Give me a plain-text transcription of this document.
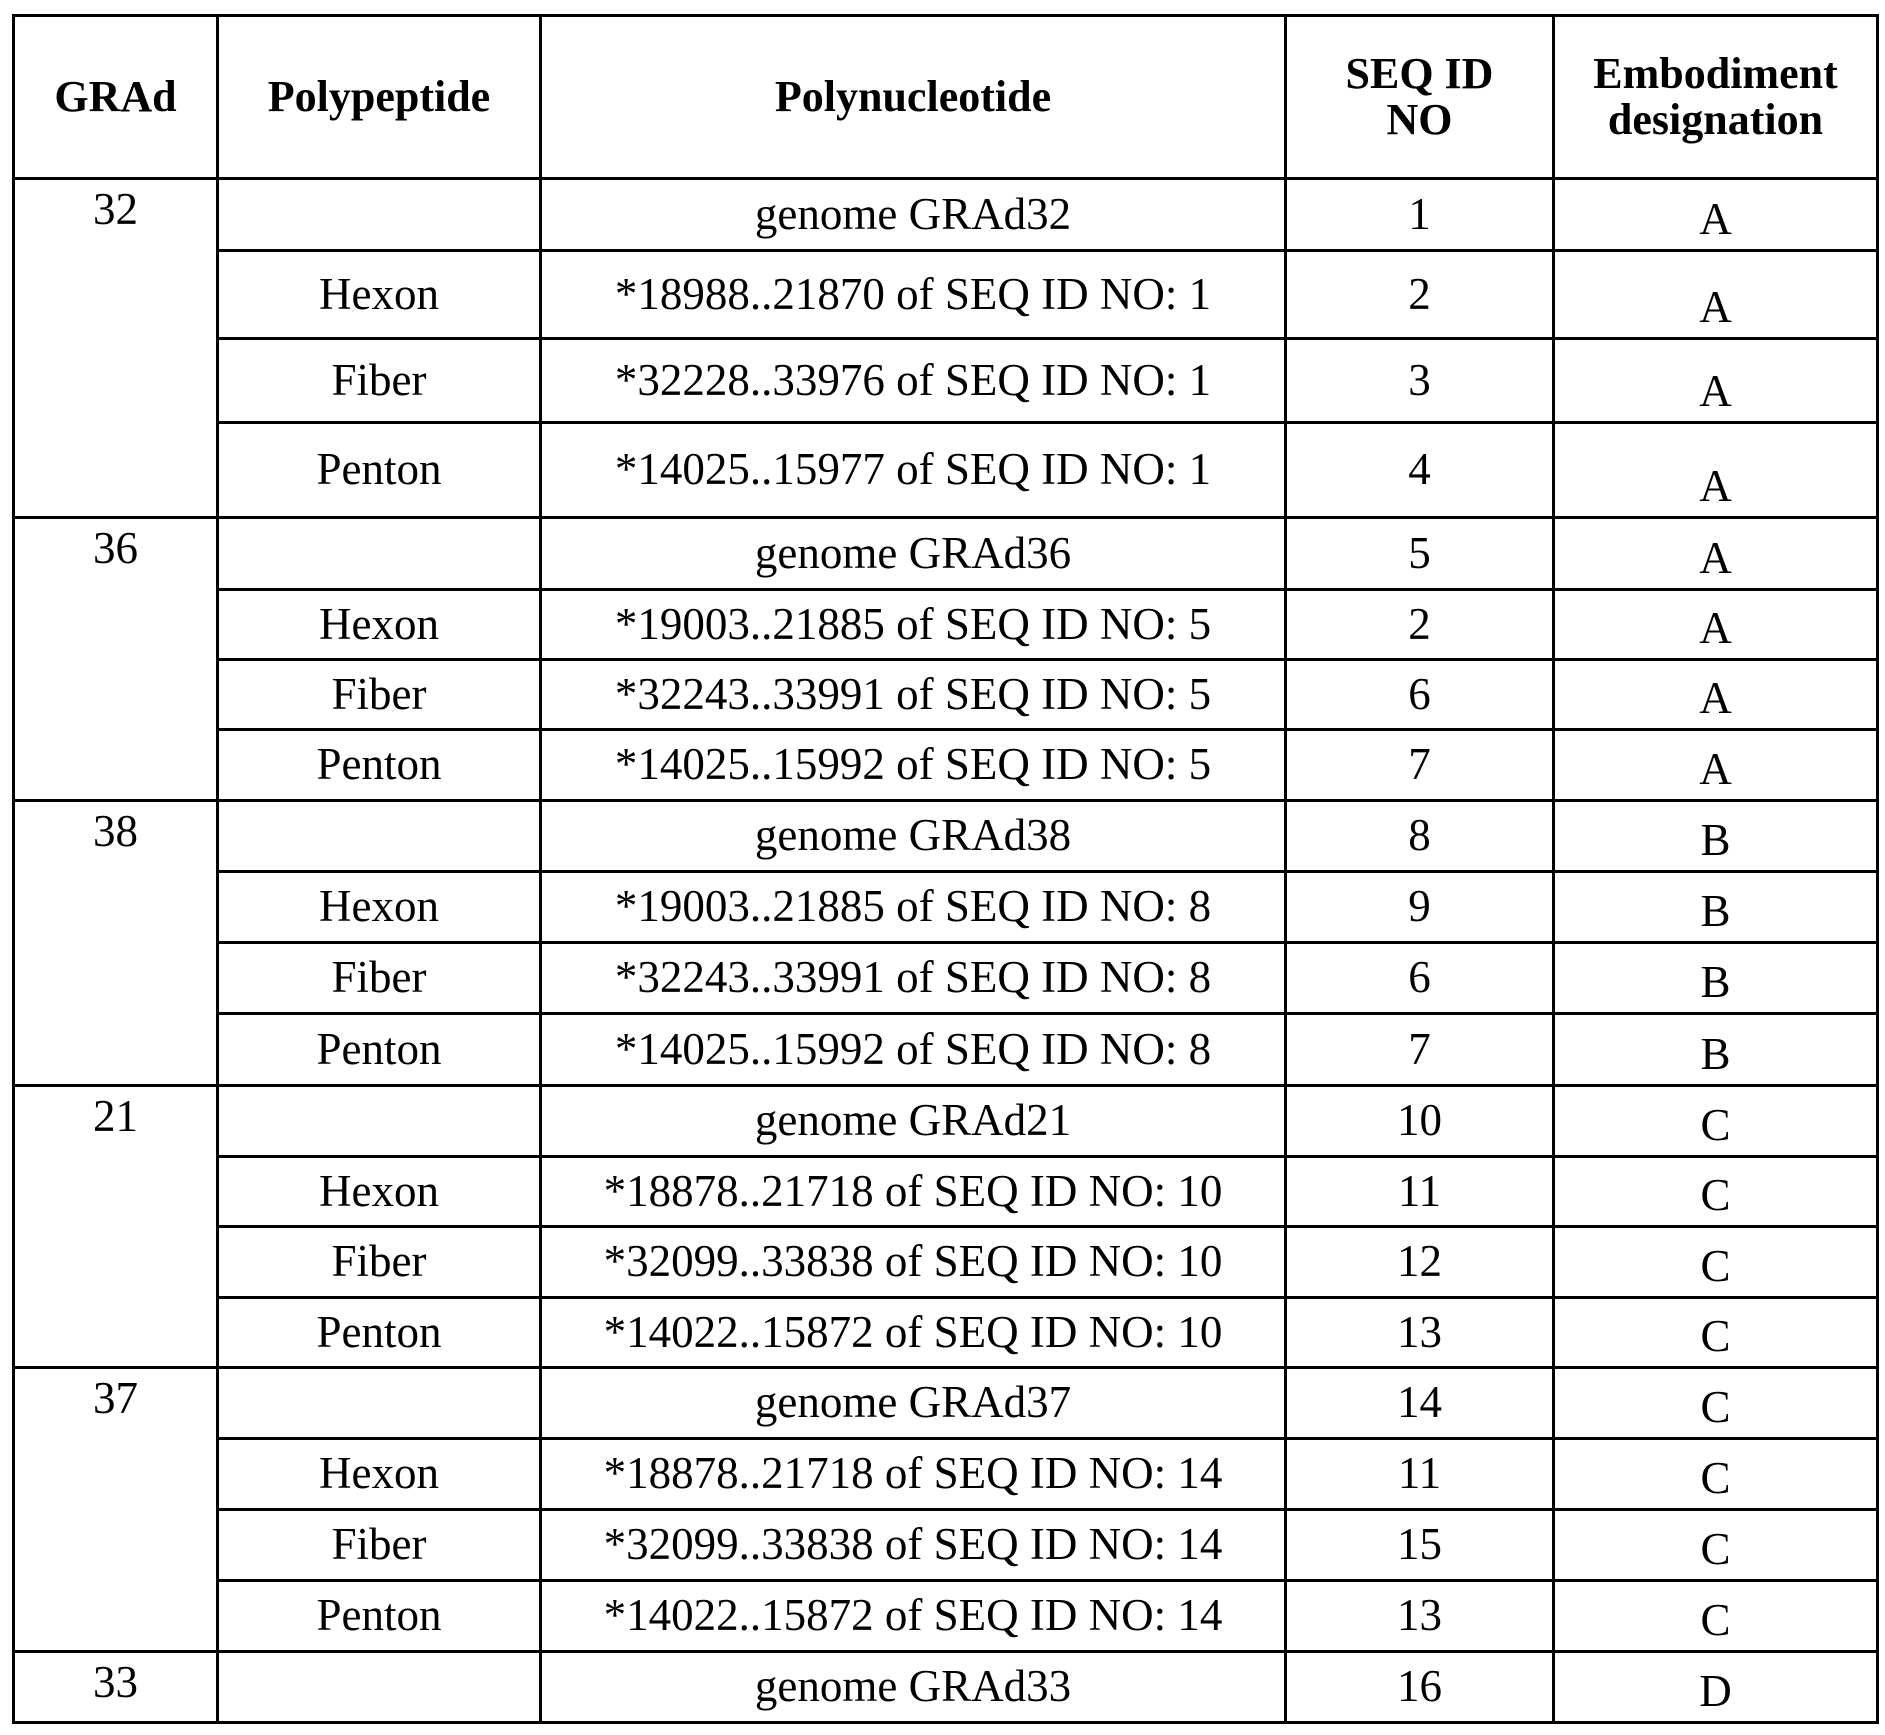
GRAd	Polypeptide	Polynucleotide	SEQ ID NO	Embodiment designation
32		genome GRAd32	1	A
Hexon	*18988..21870 of SEQ ID NO: 1	2	A
Fiber	*32228..33976 of SEQ ID NO: 1	3	A
Penton	*14025..15977 of SEQ ID NO: 1	4	A
36		genome GRAd36	5	A
Hexon	*19003..21885 of SEQ ID NO: 5	2	A
Fiber	*32243..33991 of SEQ ID NO: 5	6	A
Penton	*14025..15992 of SEQ ID NO: 5	7	A
38		genome GRAd38	8	B
Hexon	*19003..21885 of SEQ ID NO: 8	9	B
Fiber	*32243..33991 of SEQ ID NO: 8	6	B
Penton	*14025..15992 of SEQ ID NO: 8	7	B
21		genome GRAd21	10	C
Hexon	*18878..21718 of SEQ ID NO: 10	11	C
Fiber	*32099..33838 of SEQ ID NO: 10	12	C
Penton	*14022..15872 of SEQ ID NO: 10	13	C
37		genome GRAd37	14	C
Hexon	*18878..21718 of SEQ ID NO: 14	11	C
Fiber	*32099..33838 of SEQ ID NO: 14	15	C
Penton	*14022..15872 of SEQ ID NO: 14	13	C
33		genome GRAd33	16	D
